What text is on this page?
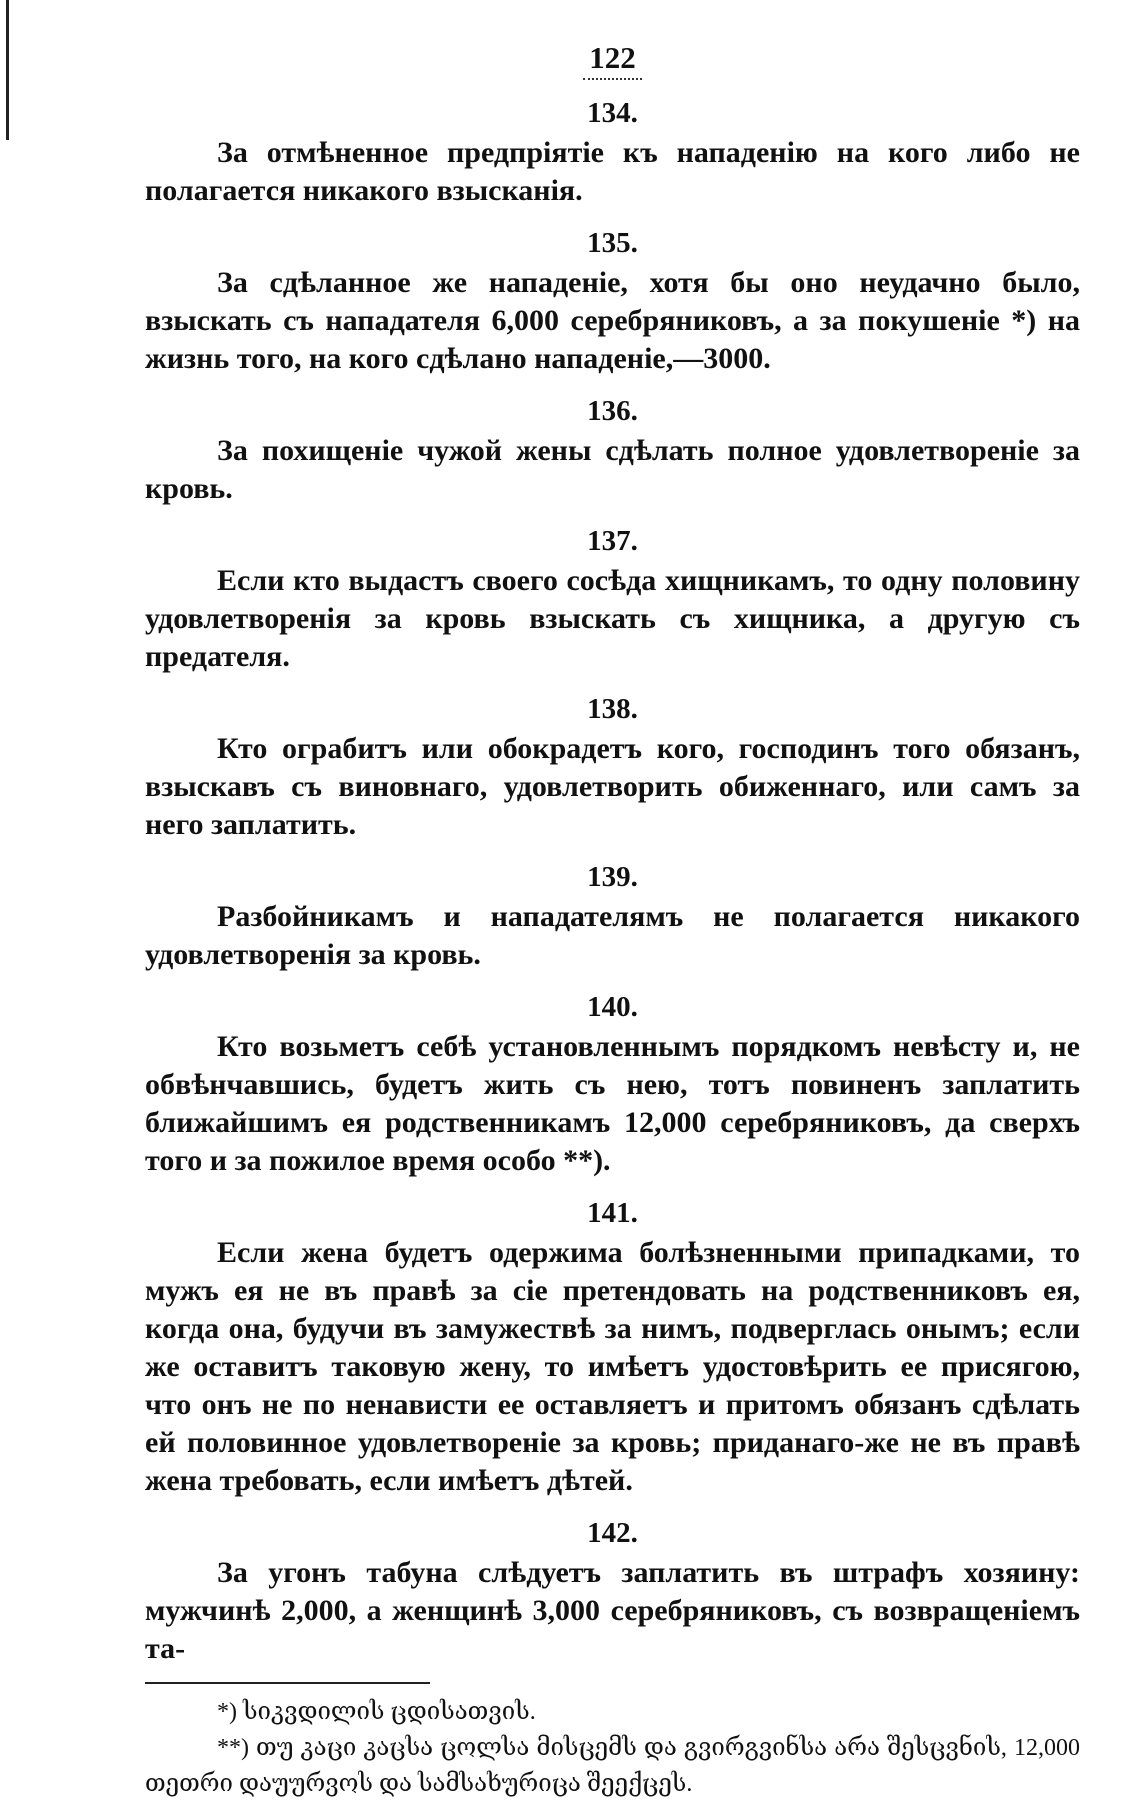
122
134.

За отмѣненное предпріятіе къ нападенію на кого либо не полагается никакого взысканія.

135.

За сдѣланное же нападеніе, хотя бы оно неудачно было, взыскать съ нападателя 6,000 серебряниковъ, а за покушеніе *) на жизнь того, на кого сдѣлано нападеніе,—3000.

136.

За похищеніе чужой жены сдѣлать полное удовлетвореніе за кровь.

137.

Если кто выдастъ своего сосѣда хищникамъ, то одну половину удовлетворенія за кровь взыскать съ хищника, а другую съ предателя.

138.

Кто ограбитъ или обокрадетъ кого, господинъ того обязанъ, взыскавъ съ виновнаго, удовлетворить обиженнаго, или самъ за него заплатить.

139.

Разбойникамъ и нападателямъ не полагается никакого удовлетворенія за кровь.

140.

Кто возьметъ себѣ установленнымъ порядкомъ невѣсту и, не обвѣнчавшись, будетъ жить съ нею, тотъ повиненъ заплатить ближайшимъ ея родственникамъ 12,000 серебряниковъ, да сверхъ того и за пожилое время особо **).

141.

Если жена будетъ одержима болѣзненными припадками, то мужъ ея не въ правѣ за сіе претендовать на родственниковъ ея, когда она, будучи въ замужествѣ за нимъ, подверглась онымъ; если же оставитъ таковую жену, то имѣетъ удостовѣрить ее присягою, что онъ не по ненависти ее оставляетъ и притомъ обязанъ сдѣлать ей половинное удовлетвореніе за кровь; приданаго-же не въ правѣ жена требовать, если имѣетъ дѣтей.

142.

За угонъ табуна слѣдуетъ заплатить въ штрафъ хозяину: мужчинѣ 2,000, а женщинѣ 3,000 серебряниковъ, съ возвращеніемъ та-

*) სიკვდილის ცდისათვის.

**) თუ კაცი კაცსა ცოლსა მისცემს და გვირგვინსა არა შესცვნის, 12,000 თეთრი დაუურვოს და სამსახურიცა შეექცეს.
